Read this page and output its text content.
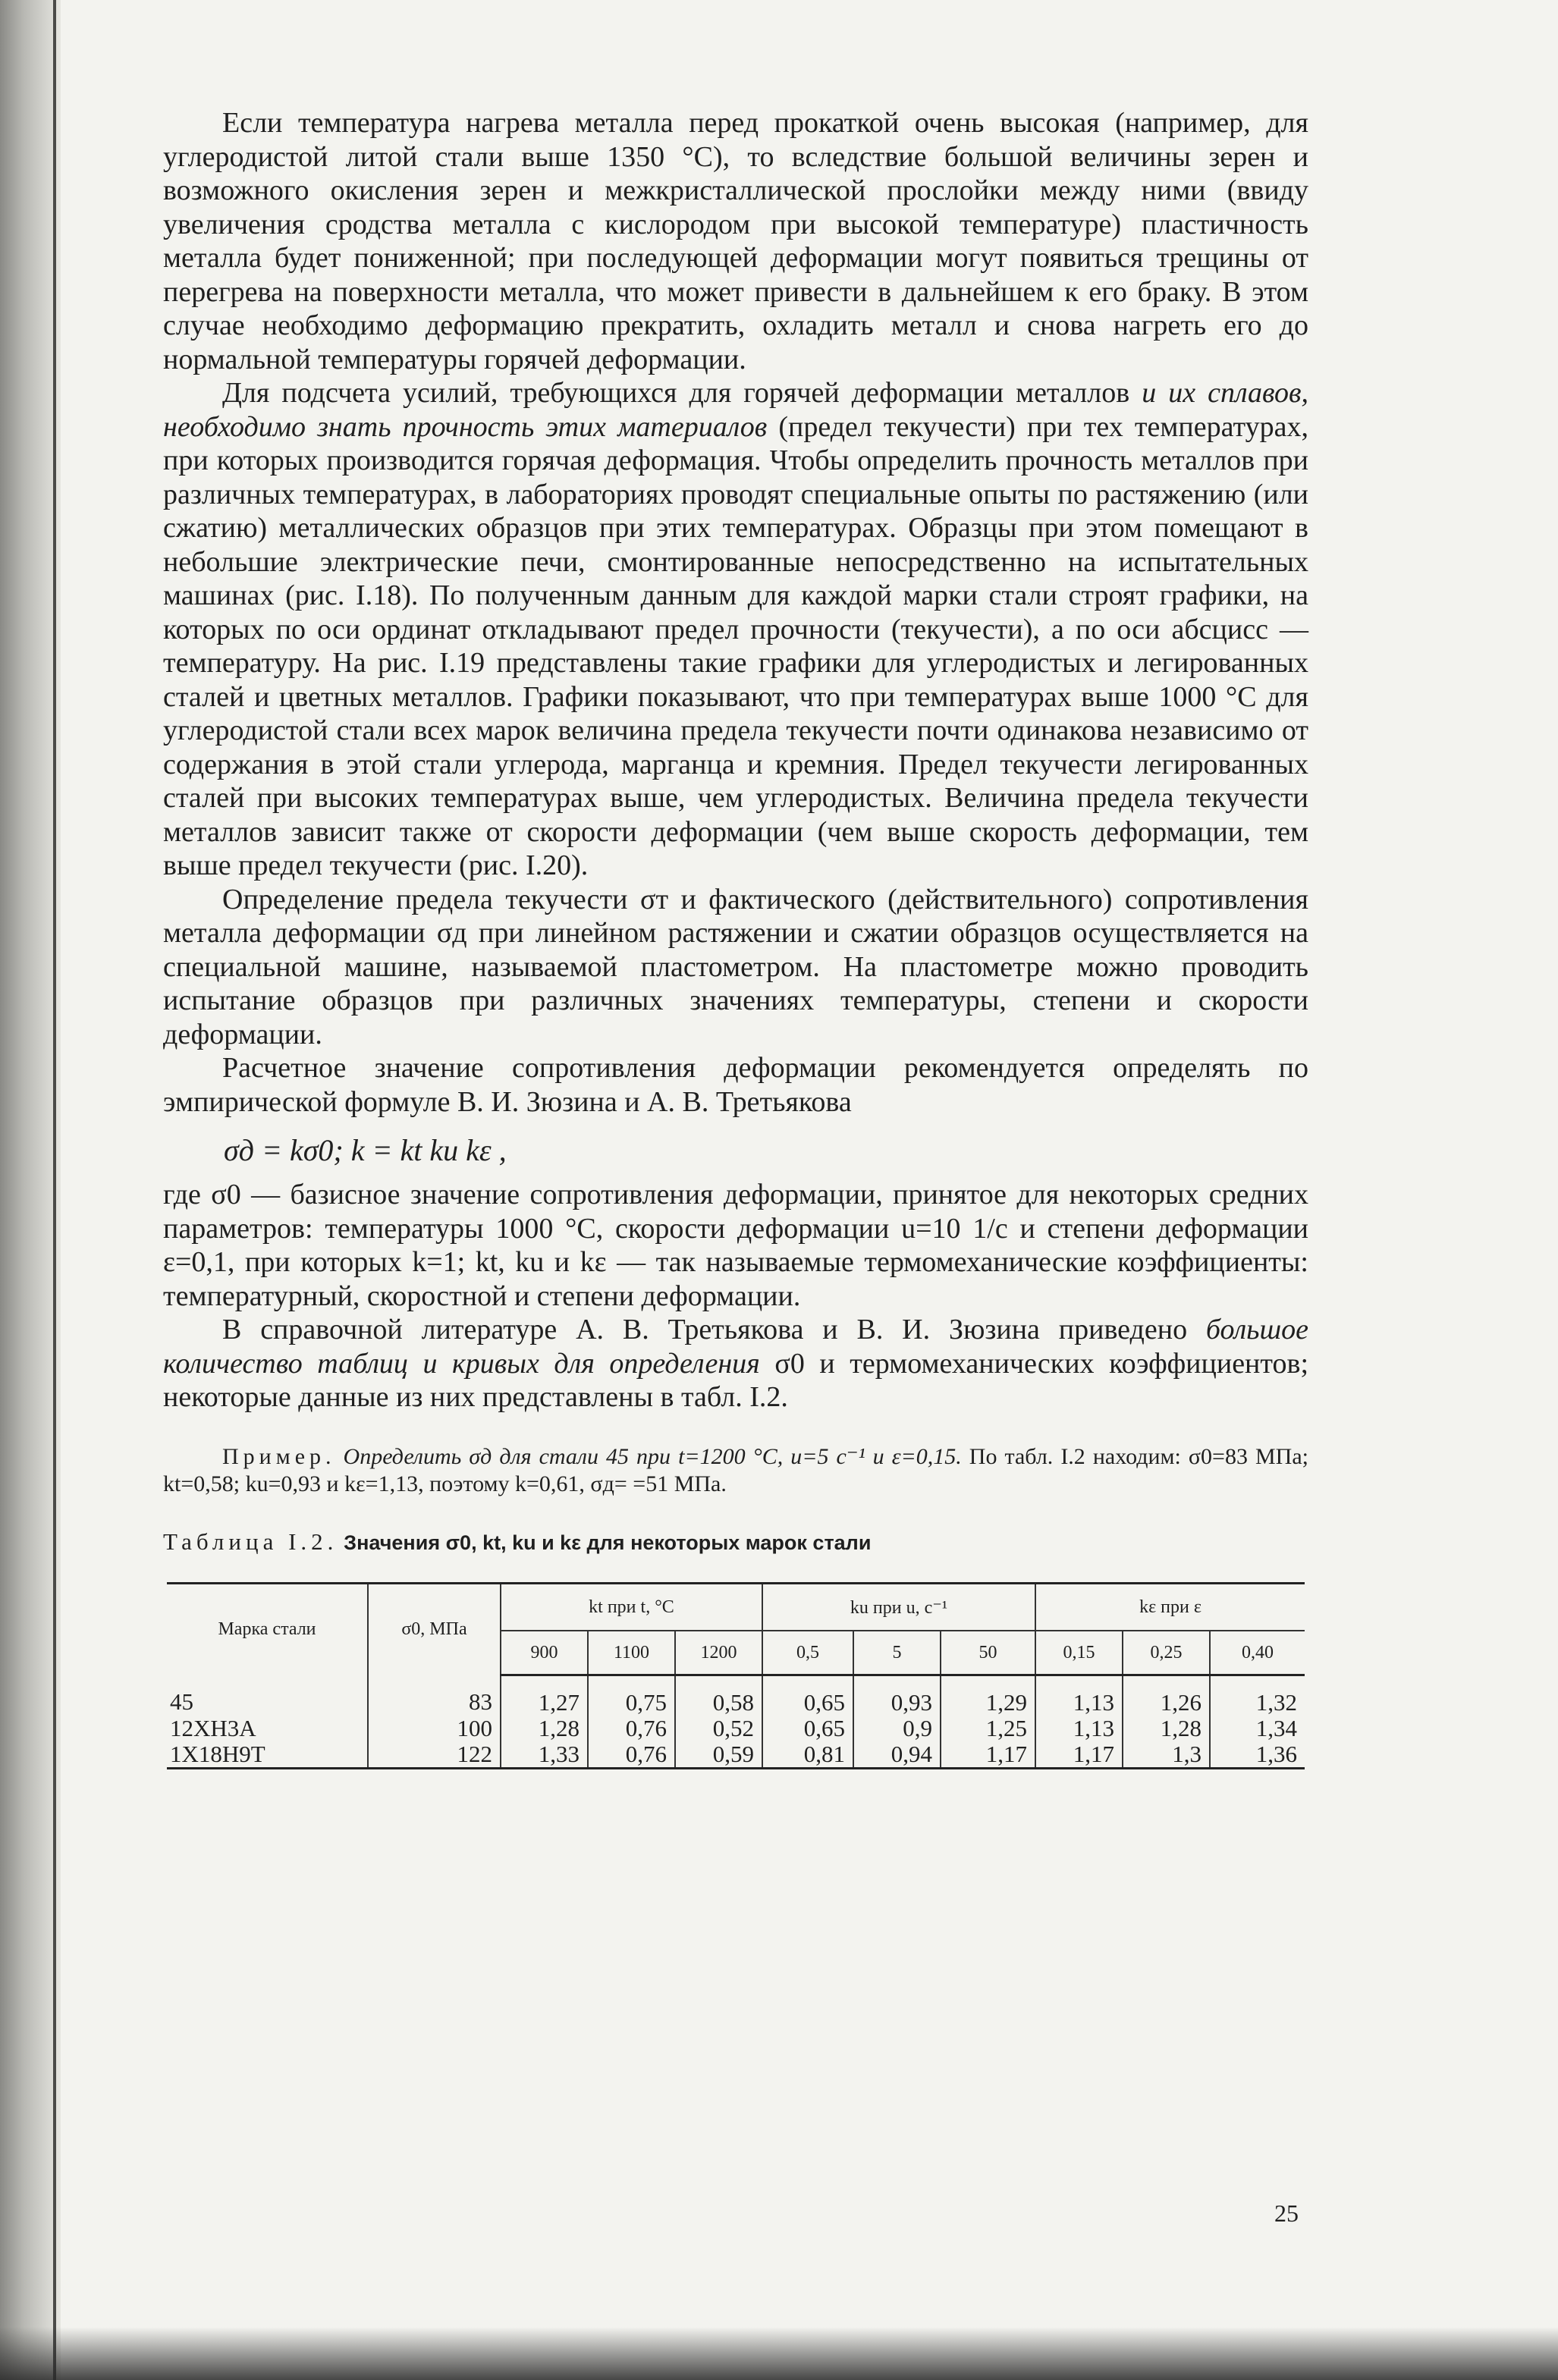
Если температура нагрева металла перед прокаткой очень высокая (например, для углеродистой литой стали выше 1350 °С), то вследствие большой величины зерен и возможного окисления зерен и межкристаллической прослойки между ними (ввиду увеличения сродства металла с кислородом при высокой температуре) пластичность металла будет пониженной; при последующей деформации могут появиться трещины от перегрева на поверхности металла, что может привести в дальнейшем к его браку. В этом случае необходимо деформацию прекратить, охладить металл и снова нагреть его до нормальной температуры горячей деформации.

Для подсчета усилий, требующихся для горячей деформации металлов и их сплавов, необходимо знать прочность этих материалов (предел текучести) при тех температурах, при которых производится горячая деформация. Чтобы определить прочность металлов при различных температурах, в лабораториях проводят специальные опыты по растяжению (или сжатию) металлических образцов при этих температурах. Образцы при этом помещают в небольшие электрические печи, смонтированные непосредственно на испытательных машинах (рис. I.18). По полученным данным для каждой марки стали строят графики, на которых по оси ординат откладывают предел прочности (текучести), а по оси абсцисс — температуру. На рис. I.19 представлены такие графики для углеродистых и легированных сталей и цветных металлов. Графики показывают, что при температурах выше 1000 °С для углеродистой стали всех марок величина предела текучести почти одинакова независимо от содержания в этой стали углерода, марганца и кремния. Предел текучести легированных сталей при высоких температурах выше, чем углеродистых. Величина предела текучести металлов зависит также от скорости деформации (чем выше скорость деформации, тем выше предел текучести (рис. I.20).

Определение предела текучести σт и фактического (действительного) сопротивления металла деформации σд при линейном растяжении и сжатии образцов осуществляется на специальной машине, называемой пластометром. На пластометре можно проводить испытание образцов при различных значениях температуры, степени и скорости деформации.

Расчетное значение сопротивления деформации рекомендуется определять по эмпирической формуле В. И. Зюзина и А. В. Третьякова

σд = kσ0; k = kt ku kε ,

где σ0 — базисное значение сопротивления деформации, принятое для некоторых средних параметров: температуры 1000 °С, скорости деформации u=10 1/с и степени деформации ε=0,1, при которых k=1; kt, ku и kε — так называемые термомеханические коэффициенты: температурный, скоростной и степени деформации.

В справочной литературе А. В. Третьякова и В. И. Зюзина приведено большое количество таблиц и кривых для определения σ0 и термомеханических коэффициентов; некоторые данные из них представлены в табл. I.2.

Пример. Определить σд для стали 45 при t=1200 °С, u=5 с⁻¹ и ε=0,15. По табл. I.2 находим: σ0=83 МПа; kt=0,58; ku=0,93 и kε=1,13, поэтому k=0,61, σд= =51 МПа.

Таблица I.2. Значения σ0, kt, ku и kε для некоторых марок стали

Марка стали	σ0, МПа	kt при t, °С			ku при u, с⁻¹			kε при ε		
		900	1100	1200	0,5	5	50	0,15	0,25	0,40
45	83	1,27	0,75	0,58	0,65	0,93	1,29	1,13	1,26	1,32
12ХН3А	100	1,28	0,76	0,52	0,65	0,9	1,25	1,13	1,28	1,34
1Х18Н9Т	122	1,33	0,76	0,59	0,81	0,94	1,17	1,17	1,3	1,36
25
